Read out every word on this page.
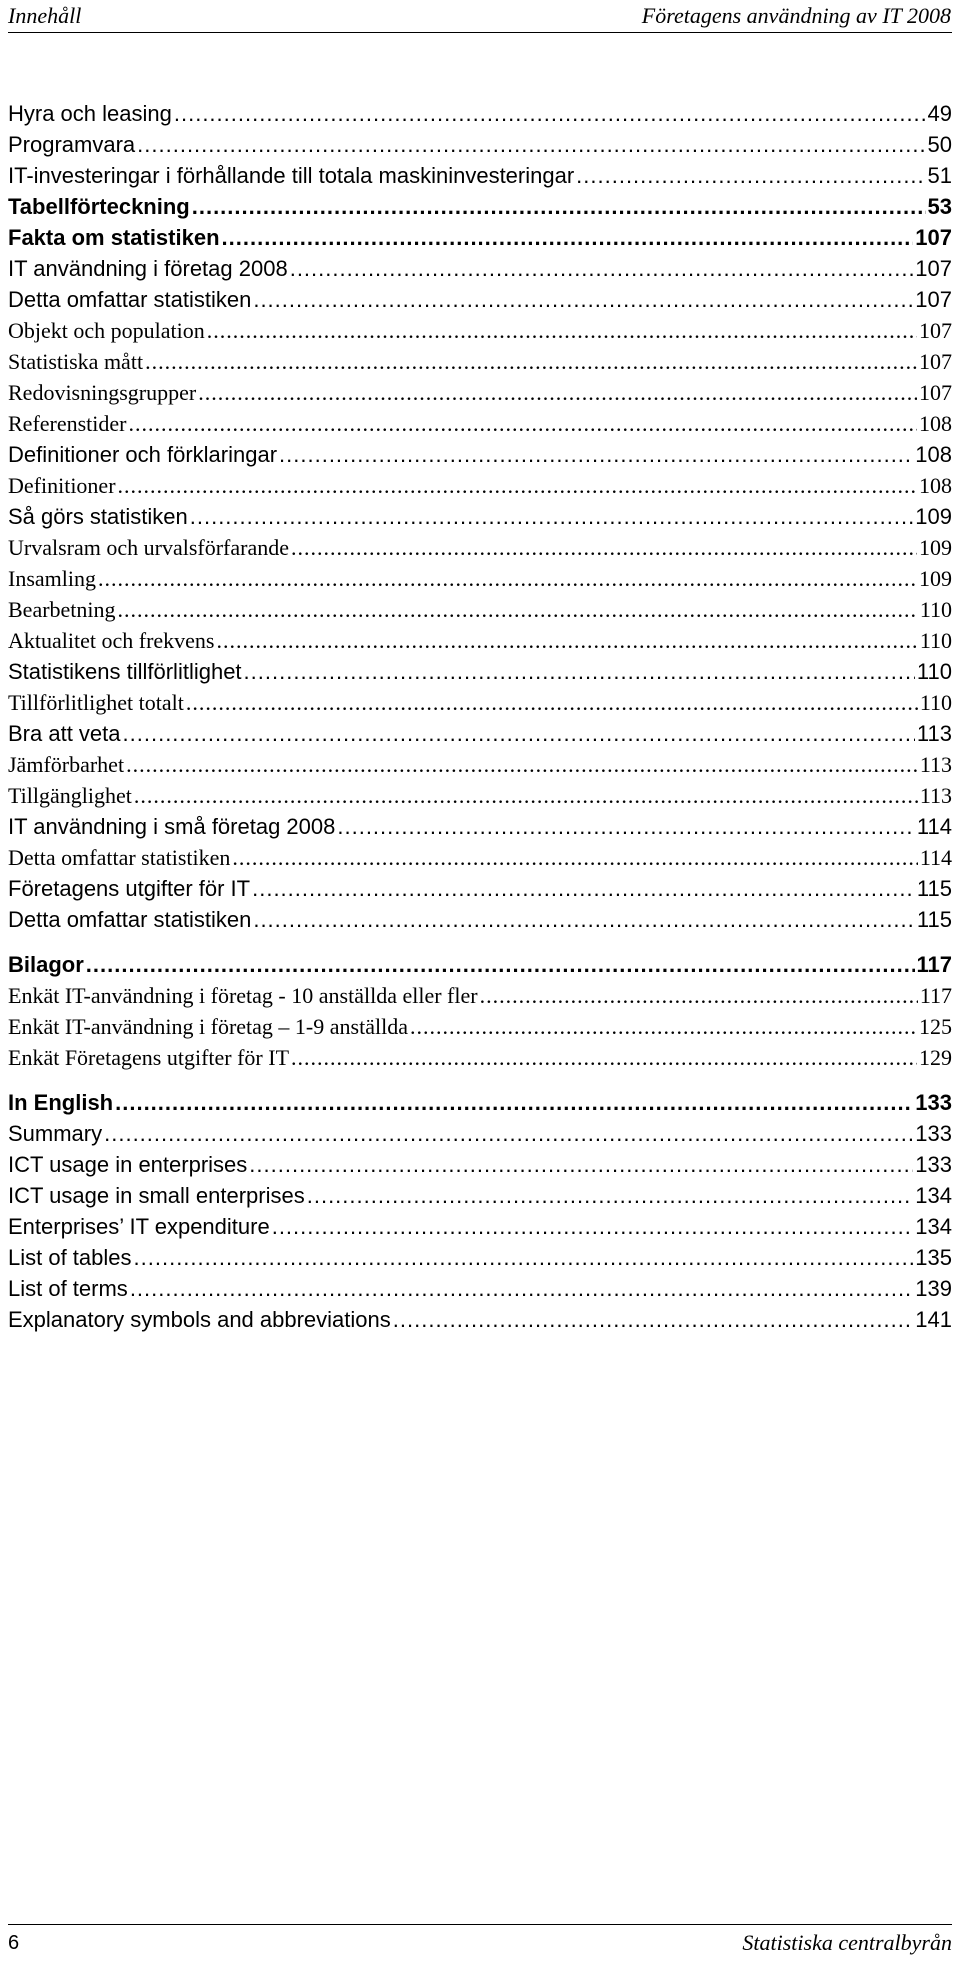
Innehåll	Företagens användning av IT 2008
Hyra och leasing .....	49
Programvara .....	50
IT-investeringar i förhållande till totala maskininvesteringar .....	51
Tabellförteckning .....	53
Fakta om statistiken .....	107
IT användning i företag 2008 .....	107
Detta omfattar statistiken .....	107
Objekt och population .....	107
Statistiska mått .....	107
Redovisningsgrupper .....	107
Referenstider .....	108
Definitioner och förklaringar .....	108
Definitioner .....	108
Så görs statistiken .....	109
Urvalsram och urvalsförfarande .....	109
Insamling .....	109
Bearbetning .....	110
Aktualitet och frekvens .....	110
Statistikens tillförlitlighet .....	110
Tillförlitlighet totalt .....	110
Bra att veta .....	113
Jämförbarhet .....	113
Tillgänglighet .....	113
IT användning i små företag 2008 .....	114
Detta omfattar statistiken .....	114
Företagens utgifter för IT .....	115
Detta omfattar statistiken .....	115
Bilagor .....	117
Enkät IT-användning i företag - 10 anställda eller fler .....	117
Enkät IT-användning i företag – 1-9 anställda .....	125
Enkät Företagens utgifter för IT .....	129
In English .....	133
Summary .....	133
ICT usage in enterprises .....	133
ICT usage in small enterprises .....	134
Enterprises’ IT expenditure .....	134
List of tables .....	135
List of terms .....	139
Explanatory symbols and abbreviations .....	141
6	Statistiska centralbyrån
